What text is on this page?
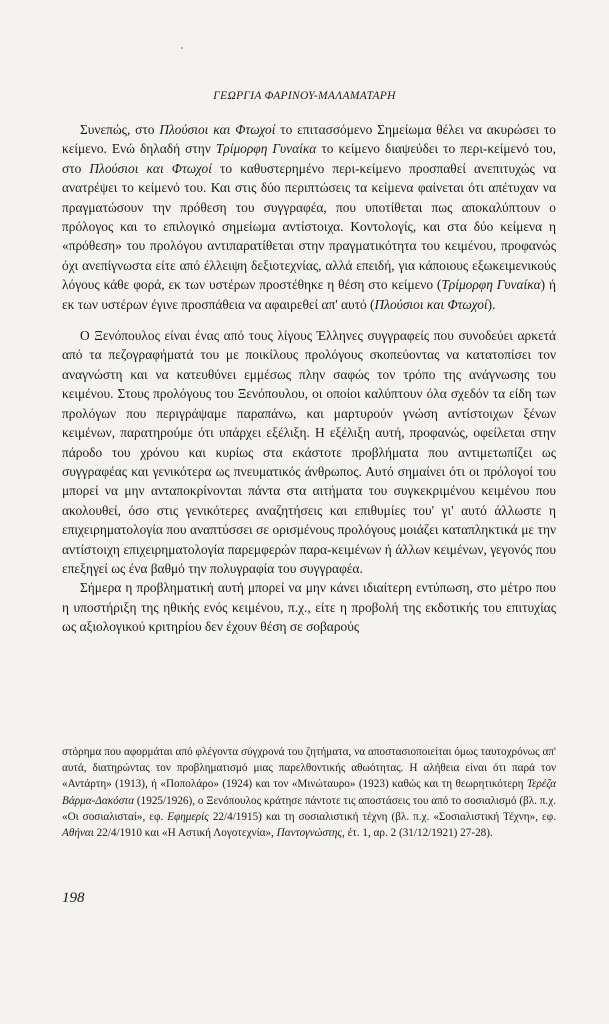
ΓΕΩΡΓΙΑ ΦΑΡΙΝΟΥ-ΜΑΛΑΜΑΤΑΡΗ

Συνεπώς, στο Πλούσιοι και Φτωχοί το επιτασσόμενο Σημείωμα θέλει να ακυρώσει το κείμενο. Ενώ δηλαδή στην Τρίμορφη Γυναίκα το κείμενο διαψεύδει το περι-κείμενό του, στο Πλούσιοι και Φτωχοί το καθυστερημένο περι-κείμενο προσπαθεί ανεπιτυχώς να ανατρέψει το κείμενό του. Και στις δύο περιπτώσεις τα κείμενα φαίνεται ότι απέτυχαν να πραγματώσουν την πρόθεση του συγγραφέα, που υποτίθεται πως αποκαλύπτουν ο πρόλογος και το επιλογικό σημείωμα αντίστοιχα. Κοντολογίς, και στα δύο κείμενα η «πρόθεση» του προλόγου αντιπαρατίθεται στην πραγματικότητα του κειμένου, προφανώς όχι ανεπίγνωστα είτε από έλλειψη δεξιοτεχνίας, αλλά επειδή, για κάποιους εξωκειμενικούς λόγους κάθε φορά, εκ των υστέρων προστέθηκε η θέση στο κείμενο (Τρίμορφη Γυναίκα) ή εκ των υστέρων έγινε προσπάθεια να αφαιρεθεί απ' αυτό (Πλούσιοι και Φτωχοί).

Ο Ξενόπουλος είναι ένας από τους λίγους Έλληνες συγγραφείς που συνοδεύει αρκετά από τα πεζογραφήματά του με ποικίλους προλόγους σκοπεύοντας να κατατοπίσει τον αναγνώστη και να κατευθύνει εμμέσως πλην σαφώς τον τρόπο της ανάγνωσης του κειμένου. Στους προλόγους του Ξενόπουλου, οι οποίοι καλύπτουν όλα σχεδόν τα είδη των προλόγων που περιγράψαμε παραπάνω, και μαρτυρούν γνώση αντίστοιχων ξένων κειμένων, παρατηρούμε ότι υπάρχει εξέλιξη. Η εξέλιξη αυτή, προφανώς, οφείλεται στην πάροδο του χρόνου και κυρίως στα εκάστοτε προβλήματα που αντιμετωπίζει ως συγγραφέας και γενικότερα ως πνευματικός άνθρωπος. Αυτό σημαίνει ότι οι πρόλογοί του μπορεί να μην ανταποκρίνονται πάντα στα αιτήματα του συγκεκριμένου κειμένου που ακολουθεί, όσο στις γενικότερες αναζητήσεις και επιθυμίες του' γι' αυτό άλλωστε η επιχειρηματολογία που αναπτύσσει σε ορισμένους προλόγους μοιάζει καταπληκτικά με την αντίστοιχη επιχειρηματολογία παρεμφερών παρα-κειμένων ή άλλων κειμένων, γεγονός που επεξηγεί ως ένα βαθμό την πολυγραφία του συγγραφέα.

Σήμερα η προβληματική αυτή μπορεί να μην κάνει ιδιαίτερη εντύπωση, στο μέτρο που η υποστήριξη της ηθικής ενός κειμένου, π.χ., είτε η προβολή της εκδοτικής του επιτυχίας ως αξιολογικού κριτηρίου δεν έχουν θέση σε σοβαρούς

στόρημα που αφορμάται από φλέγοντα σύγχρονά του ζητήματα, να αποστασιοποιείται όμως ταυτοχρόνως απ' αυτά, διατηρώντας τον προβληματισμό μιας παρελθοντικής αθωότητας. Η αλήθεια είναι ότι παρά τον «Αντάρτη» (1913), ή «Ποπολάρο» (1924) και τον «Μινώταυρο» (1923) καθώς και τη θεωρητικότερη Τερέζα Βάρμα-Δακόστα (1925/1926), ο Ξενόπουλος κράτησε πάντοτε τις αποστάσεις του από το σοσιαλισμό (βλ. π.χ. «Οι σοσιαλισταί», εφ. Εφημερίς 22/4/1915) και τη σοσιαλιστική τέχνη (βλ. π.χ. «Σοσιαλιστική Τέχνη», εφ. Αθήναι 22/4/1910 και «Η Αστική Λογοτεχνία», Παντογνώστης, έτ. 1, αρ. 2 (31/12/1921) 27-28).

198
